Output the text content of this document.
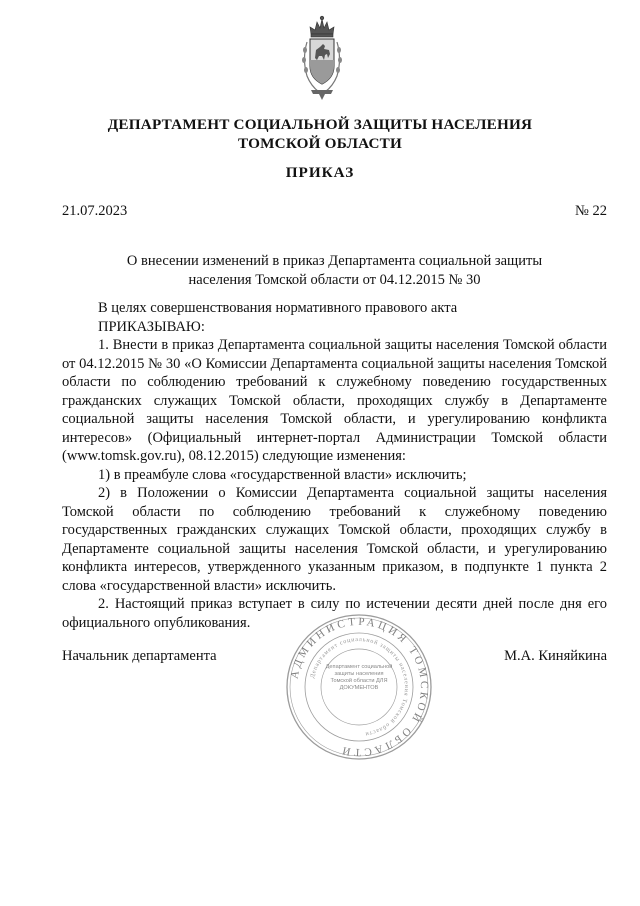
ДЕПАРТАМЕНТ СОЦИАЛЬНОЙ ЗАЩИТЫ НАСЕЛЕНИЯ
ТОМСКОЙ ОБЛАСТИ
ПРИКАЗ
21.07.2023	№ 22
О внесении изменений в приказ Департамента социальной защиты
населения Томской области от 04.12.2015 № 30

В целях совершенствования нормативного правового акта

ПРИКАЗЫВАЮ:

1. Внести в приказ Департамента социальной защиты населения Томской области от 04.12.2015 № 30 «О Комиссии Департамента социальной защиты населения Томской области по соблюдению требований к служебному поведению государственных гражданских служащих Томской области, проходящих службу в Департаменте социальной защиты населения Томской области, и урегулированию конфликта интересов» (Официальный интернет-портал Администрации Томской области (www.tomsk.gov.ru), 08.12.2015) следующие изменения:

1) в преамбуле слова «государственной власти» исключить;

2) в Положении о Комиссии Департамента социальной защиты населения Томской области по соблюдению требований к служебному поведению государственных гражданских служащих Томской области, проходящих службу в Департаменте социальной защиты населения Томской области, и урегулированию конфликта интересов, утвержденного указанным приказом, в подпункте 1 пункта 2 слова «государственной власти» исключить.

2. Настоящий приказ вступает в силу по истечении десяти дней после дня его официального опубликования.

Начальник департамента	М.А. Киняйкина
АДМИНИСТРАЦИЯ ТОМСКОЙ ОБЛАСТИ
Департамент социальной защиты населения Томской области
Департамент социальной защиты населения Томской области ДЛЯ ДОКУМЕНТОВ
